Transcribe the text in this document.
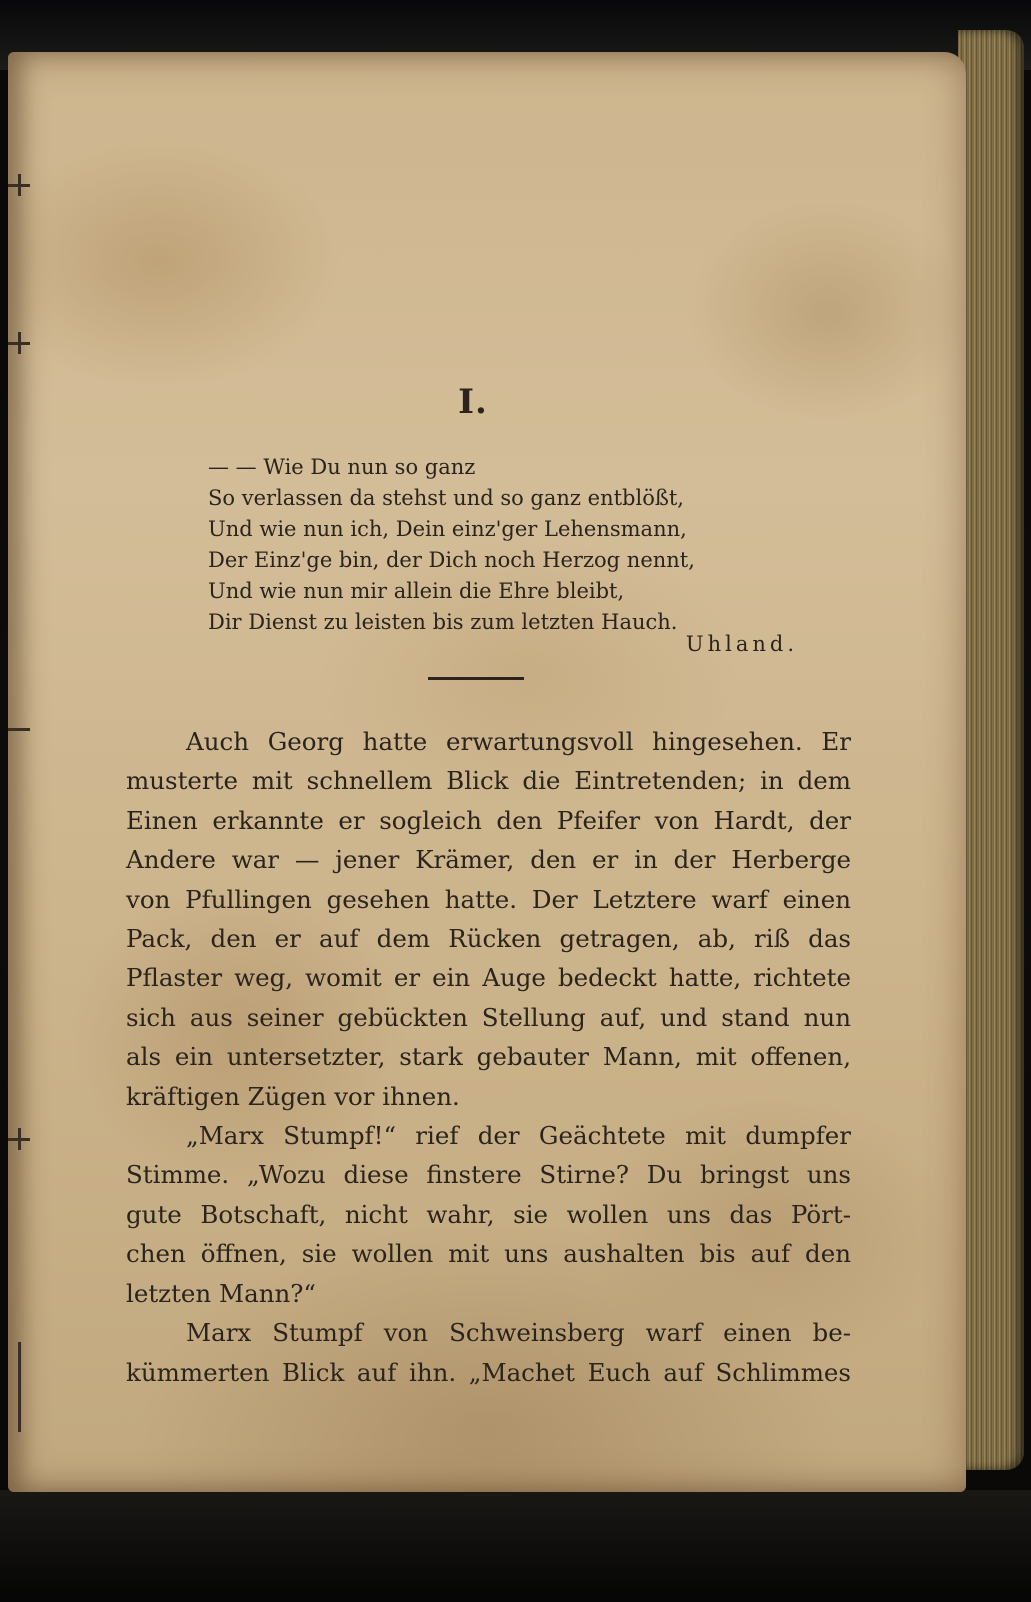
I.
— — Wie Du nun so ganz
So verlassen da stehst und so ganz entblößt,
Und wie nun ich, Dein einz'ger Lehensmann,
Der Einz'ge bin, der Dich noch Herzog nennt,
Und wie nun mir allein die Ehre bleibt,
Dir Dienst zu leisten bis zum letzten Hauch.
Uhland.
Auch Georg hatte erwartungsvoll hingesehen. Er
musterte mit schnellem Blick die Eintretenden; in dem
Einen erkannte er sogleich den Pfeifer von Hardt, der
Andere war — jener Krämer, den er in der Herberge
von Pfullingen gesehen hatte. Der Letztere warf einen
Pack, den er auf dem Rücken getragen, ab, riß das
Pflaster weg, womit er ein Auge bedeckt hatte, richtete
sich aus seiner gebückten Stellung auf, und stand nun
als ein untersetzter, stark gebauter Mann, mit offenen,
kräftigen Zügen vor ihnen.
„Marx Stumpf!“ rief der Geächtete mit dumpfer
Stimme. „Wozu diese finstere Stirne? Du bringst uns
gute Botschaft, nicht wahr, sie wollen uns das Pört-
chen öffnen, sie wollen mit uns aushalten bis auf den
letzten Mann?“
Marx Stumpf von Schweinsberg warf einen be-
kümmerten Blick auf ihn. „Machet Euch auf Schlimmes
